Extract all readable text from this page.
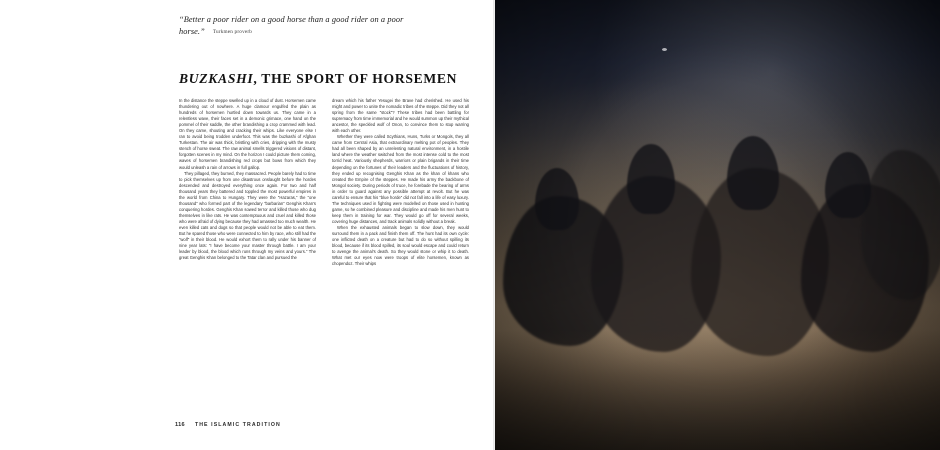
“Better a poor rider on a good horse than a good rider on a poor horse.” Turkmen proverb
BUZKASHI, THE SPORT OF HORSEMEN

In the distance the steppe swelled up in a cloud of dust. Horsemen came thundering out of nowhere. A huge clamour engulfed the plain as hundreds of horsemen hurtled down towards us. They came in a relentless wave, their faces set in a demonic grimace, one hand on the pommel of their saddle, the other brandishing a crop crammed with lead. On they came, shouting and cracking their whips. Like everyone else I ran to avoid being trodden underfoot. This was the buzkashi of Afghan Turkestan. The air was thick, bristling with cries, dripping with the musty stench of horse sweat. The raw animal smells triggered visions of distant, forgotten scenes in my mind. On the horizon I could picture them coming, waves of horsemen brandishing red crops but bows from which they would unleash a rain of arrows in full gallop.

They pillaged, they burned, they massacred. People barely had to time to pick themselves up from one disastrous onslaught before the hordes descended and destroyed everything once again. For two and half thousand years they battered and toppled the most powerful empires in the world from China to Hungary. They were the “Hazaras,” the “one thousand” who formed part of the legendary “barbarian” Genghis Khan’s conquering hordes. Genghis Khan sowed terror and killed those who dug themselves in like rats. He was contemptuous and cruel and killed those who were afraid of dying because they had amassed too much wealth. He even killed cats and dogs so that people would not be able to eat them. But he spared those who were connected to him by race, who still had the “wolf” in their blood. He would exhort them to rally under his banner of nine year lats: “I have become your master through battle. I am your leader by blood, the blood which runs through my veins and yours.” The great Genghis Khan belonged to the Tatar clan and pursued the

dream which his father Yesugei the Brave had cherished. He used his might and power to unite the nomadic tribes of the steppe. Did they not all spring from the same “stock”? These tribes had been battling for supremacy from time immemorial and he would summon up their mythical ancestor, the speckled wolf of Onon, to convince them to stop warring with each other.

Whether they were called Scythians, Huns, Turks or Mongols, they all came from Central Asia, that extraordinary melting pot of peoples. They had all been shaped by an unrelenting natural environment, in a hostile land where the weather switched from the most intense cold to the most torrid heat. Variously shepherds, warriors or plain brigands in their time depending on the fortunes of their leaders and the fluctuations of history, they ended up recognising Genghis Khan as the khan of khans who created the Empire of the steppes. He made his army the backbone of Mongol society. During periods of truce, he forebade the bearing of arms in order to guard against any possible attempt at revolt. But he was careful to ensure that his “blue horde” did not fall into a life of easy luxury. The techniques used in fighting were modelled on those used in hunting game, so he combined pleasure and discipline and made his men hunt to keep them in training for war. They would go off for several weeks, covering huge distances, and track animals solidly without a break.

When the exhausted animals began to slow down, they would surround them in a pack and finish them off. The hunt had its own cycle: one inflicted death on a creature but had to do so without spilling its blood, because if its blood spilled, its soul would escape and could return to avenge the animal’s death. So they would stone or whip it to death. What met our eyes now were troops of elite horsemen, known as chopendoz. Their whips

116 THE ISLAMIC TRADITION
